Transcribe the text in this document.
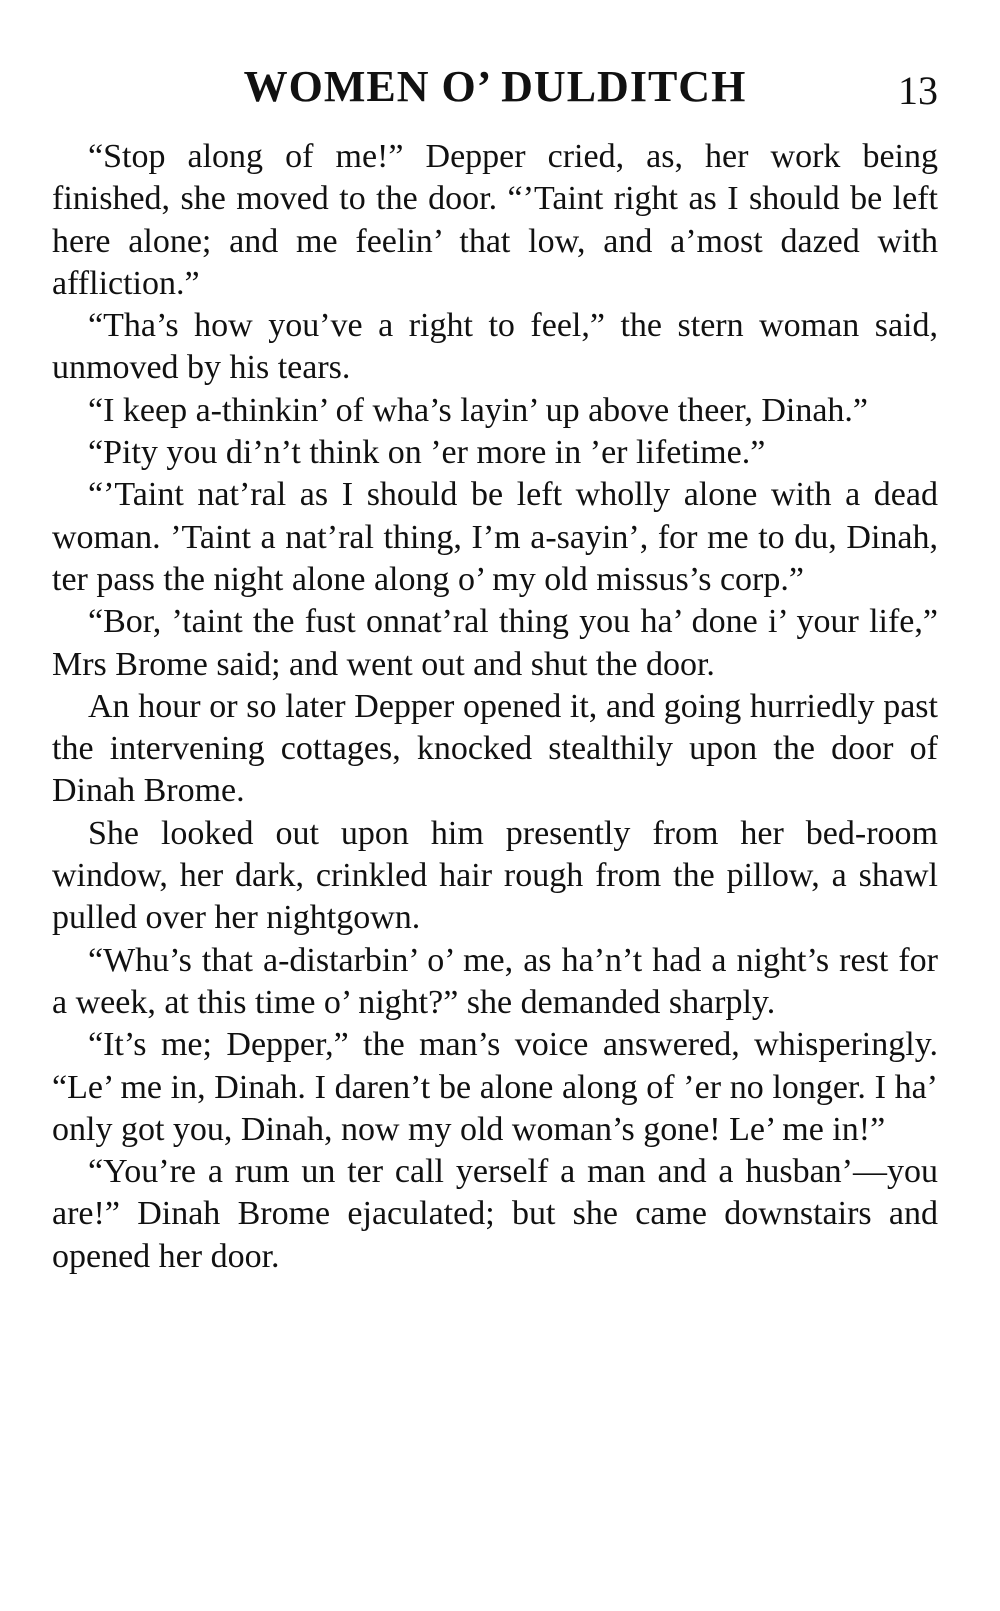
WOMEN O’ DULDITCH	13

“Stop along of me!” Depper cried, as, her work being finished, she moved to the door. “’Taint right as I should be left here alone; and me feelin’ that low, and a’most dazed with affliction.”

“Tha’s how you’ve a right to feel,” the stern woman said, unmoved by his tears.

“I keep a-thinkin’ of wha’s layin’ up above theer, Dinah.”

“Pity you di’n’t think on ’er more in ’er lifetime.”

“’Taint nat’ral as I should be left wholly alone with a dead woman. ’Taint a nat’ral thing, I’m a-sayin’, for me to du, Dinah, ter pass the night alone along o’ my old missus’s corp.”

“Bor, ’taint the fust onnat’ral thing you ha’ done i’ your life,” Mrs Brome said; and went out and shut the door.

An hour or so later Depper opened it, and going hurriedly past the intervening cottages, knocked stealthily upon the door of Dinah Brome.

She looked out upon him presently from her bed-room window, her dark, crinkled hair rough from the pillow, a shawl pulled over her nightgown.

“Whu’s that a-distarbin’ o’ me, as ha’n’t had a night’s rest for a week, at this time o’ night?” she demanded sharply.

“It’s me; Depper,” the man’s voice answered, whisperingly. “Le’ me in, Dinah. I daren’t be alone along of ’er no longer. I ha’ only got you, Dinah, now my old woman’s gone! Le’ me in!”

“You’re a rum un ter call yerself a man and a husban’—you are!” Dinah Brome ejaculated; but she came downstairs and opened her door.
